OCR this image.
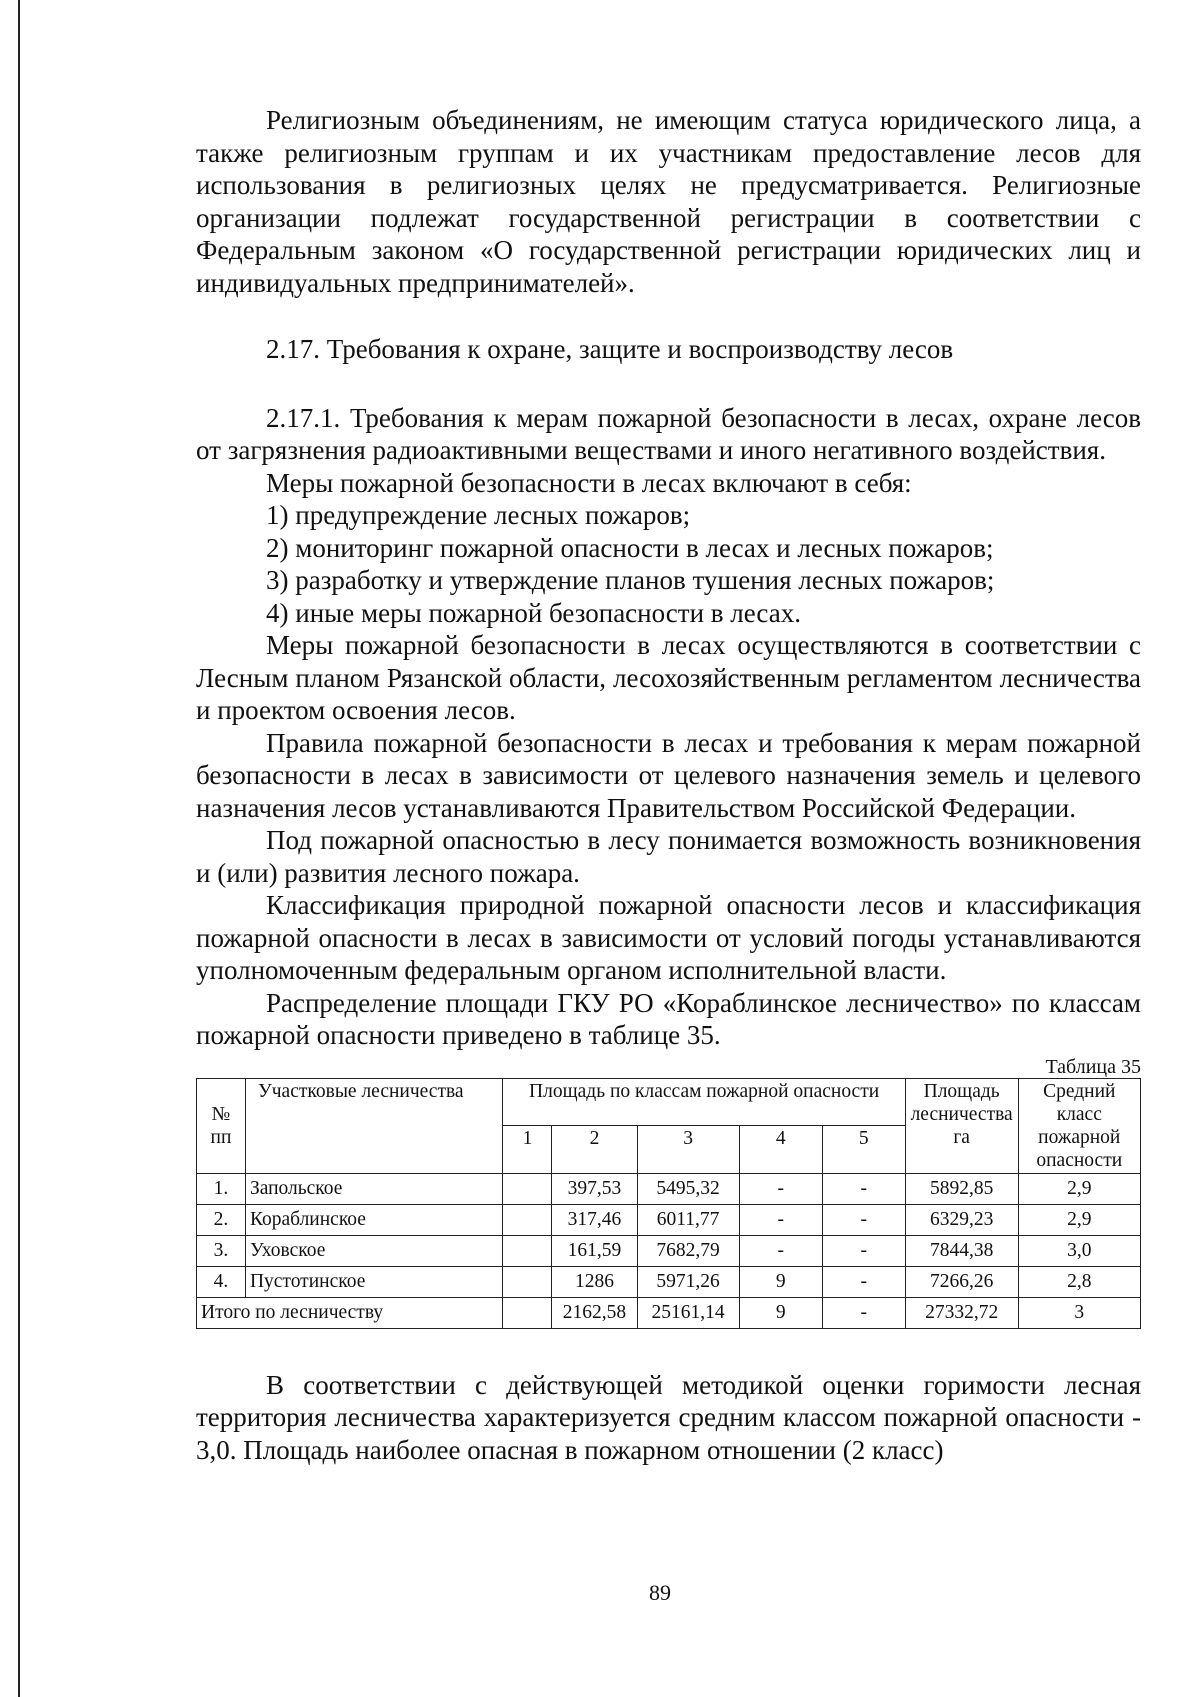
Религиозным объединениям, не имеющим статуса юридического лица, а также религиозным группам и их участникам предоставление лесов для использования в религиозных целях не предусматривается. Религиозные организации подлежат государственной регистрации в соответствии с Федеральным законом «О государственной регистрации юридических лиц и индивидуальных предпринимателей».

2.17. Требования к охране, защите и воспроизводству лесов

2.17.1. Требования к мерам пожарной безопасности в лесах, охране лесов от загрязнения радиоактивными веществами и иного негативного воздействия.

Меры пожарной безопасности в лесах включают в себя:

1) предупреждение лесных пожаров;
2) мониторинг пожарной опасности в лесах и лесных пожаров;
3) разработку и утверждение планов тушения лесных пожаров;
4) иные меры пожарной безопасности в лесах.

Меры пожарной безопасности в лесах осуществляются в соответствии с Лесным планом Рязанской области, лесохозяйственным регламентом лесничества и проектом освоения лесов.

Правила пожарной безопасности в лесах и требования к мерам пожарной безопасности в лесах в зависимости от целевого назначения земель и целевого назначения лесов устанавливаются Правительством Российской Федерации.

Под пожарной опасностью в лесу понимается возможность возникновения и (или) развития лесного пожара.

Классификация природной пожарной опасности лесов и классификация пожарной опасности в лесах в зависимости от условий погоды устанавливаются уполномоченным федеральным органом исполнительной власти.

Распределение площади ГКУ РО «Кораблинское лесничество» по классам пожарной опасности приведено в таблице 35.

Таблица 35
№ пп	Участковые лесничества	Площадь по классам пожарной опасности					Площадь лесничества га	Средний класс пожарной опасности
		1	2	3	4	5		
1.	Запольское		397,53	5495,32	-	-	5892,85	2,9
2.	Кораблинское		317,46	6011,77	-	-	6329,23	2,9
3.	Уховское		161,59	7682,79	-	-	7844,38	3,0
4.	Пустотинское		1286	5971,26	9	-	7266,26	2,8
Итого по лесничеству			2162,58	25161,14	9	-	27332,72	3

В соответствии с действующей методикой оценки горимости лесная территория лесничества характеризуется средним классом пожарной опасности - 3,0. Площадь наиболее опасная в пожарном отношении (2 класс)

89
